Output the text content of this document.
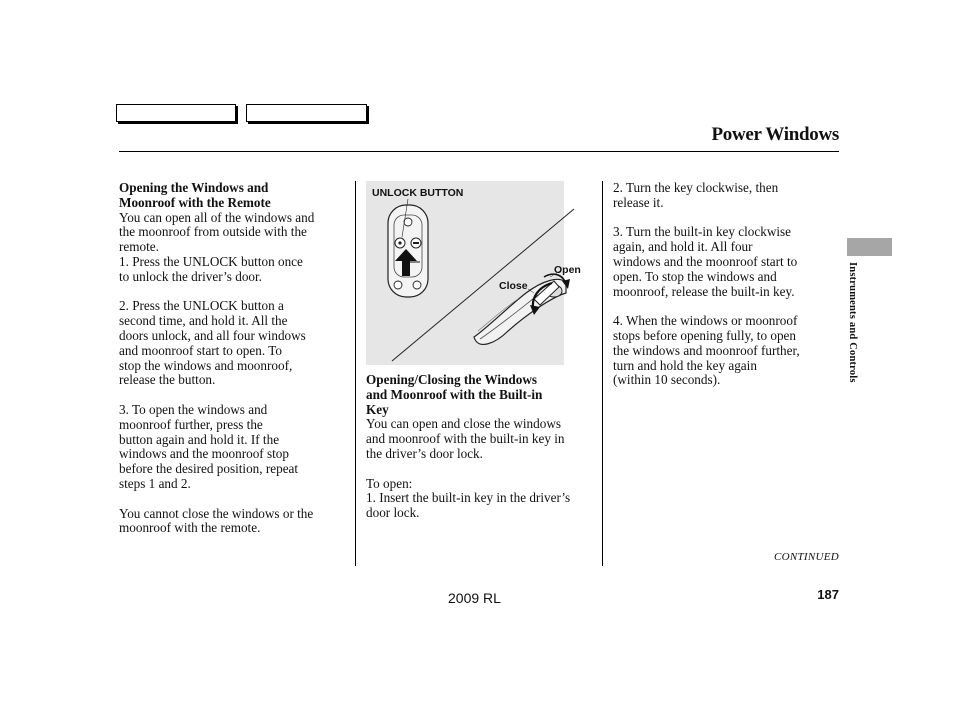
Power Windows

Opening the Windows and

Moonroof with the Remote

You can open all of the windows and

the moonroof from outside with the

remote.

1. Press the UNLOCK button once

to unlock the driver’s door.

2. Press the UNLOCK button a

second time, and hold it. All the

doors unlock, and all four windows

and moonroof start to open. To

stop the windows and moonroof,

release the button.

3. To open the windows and

moonroof further, press the

button again and hold it. If the

windows and the moonroof stop

before the desired position, repeat

steps 1 and 2.

You cannot close the windows or the

moonroof with the remote.

UNLOCK BUTTON
Open
Close

Opening/Closing the Windows

and Moonroof with the Built-in

Key

You can open and close the windows

and moonroof with the built-in key in

the driver’s door lock.

To open:

1. Insert the built-in key in the driver’s

door lock.

2. Turn the key clockwise, then

release it.

3. Turn the built-in key clockwise

again, and hold it. All four

windows and the moonroof start to

open. To stop the windows and

moonroof, release the built-in key.

4. When the windows or moonroof

stops before opening fully, to open

the windows and moonroof further,

turn and hold the key again

(within 10 seconds).	Instruments and Controls
CONTINUED
2009 RL	187
